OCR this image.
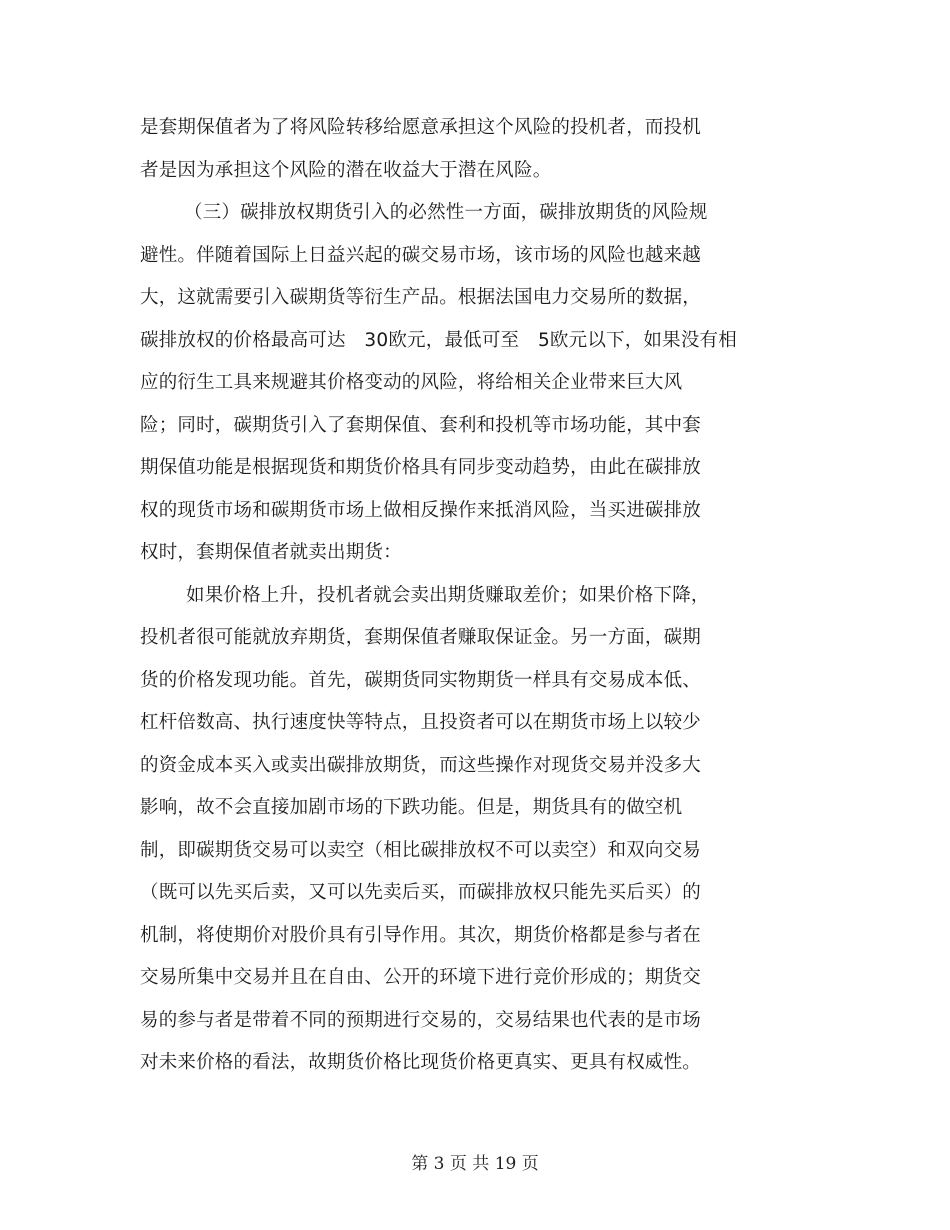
是套期保值者为了将风险转移给愿意承担这个风险的投机者，而投机
者是因为承担这个风险的潜在收益大于潜在风险。
（三）碳排放权期货引入的必然性一方面，碳排放期货的风险规
避性。伴随着国际上日益兴起的碳交易市场，该市场的风险也越来越
大，这就需要引入碳期货等衍生产品。根据法国电力交易所的数据，
碳排放权的价格最高可达　30欧元，最低可至　5欧元以下，如果没有相
应的衍生工具来规避其价格变动的风险，将给相关企业带来巨大风
险；同时，碳期货引入了套期保值、套利和投机等市场功能，其中套
期保值功能是根据现货和期货价格具有同步变动趋势，由此在碳排放
权的现货市场和碳期货市场上做相反操作来抵消风险，当买进碳排放
权时，套期保值者就卖出期货：
如果价格上升，投机者就会卖出期货赚取差价；如果价格下降，
投机者很可能就放弃期货，套期保值者赚取保证金。另一方面，碳期
货的价格发现功能。首先，碳期货同实物期货一样具有交易成本低、
杠杆倍数高、执行速度快等特点，且投资者可以在期货市场上以较少
的资金成本买入或卖出碳排放期货，而这些操作对现货交易并没多大
影响，故不会直接加剧市场的下跌功能。但是，期货具有的做空机
制，即碳期货交易可以卖空（相比碳排放权不可以卖空）和双向交易
（既可以先买后卖，又可以先卖后买，而碳排放权只能先买后买）的
机制，将使期价对股价具有引导作用。其次，期货价格都是参与者在
交易所集中交易并且在自由、公开的环境下进行竞价形成的；期货交
易的参与者是带着不同的预期进行交易的，交易结果也代表的是市场
对未来价格的看法，故期货价格比现货价格更真实、更具有权威性。
第 3 页 共 19 页
